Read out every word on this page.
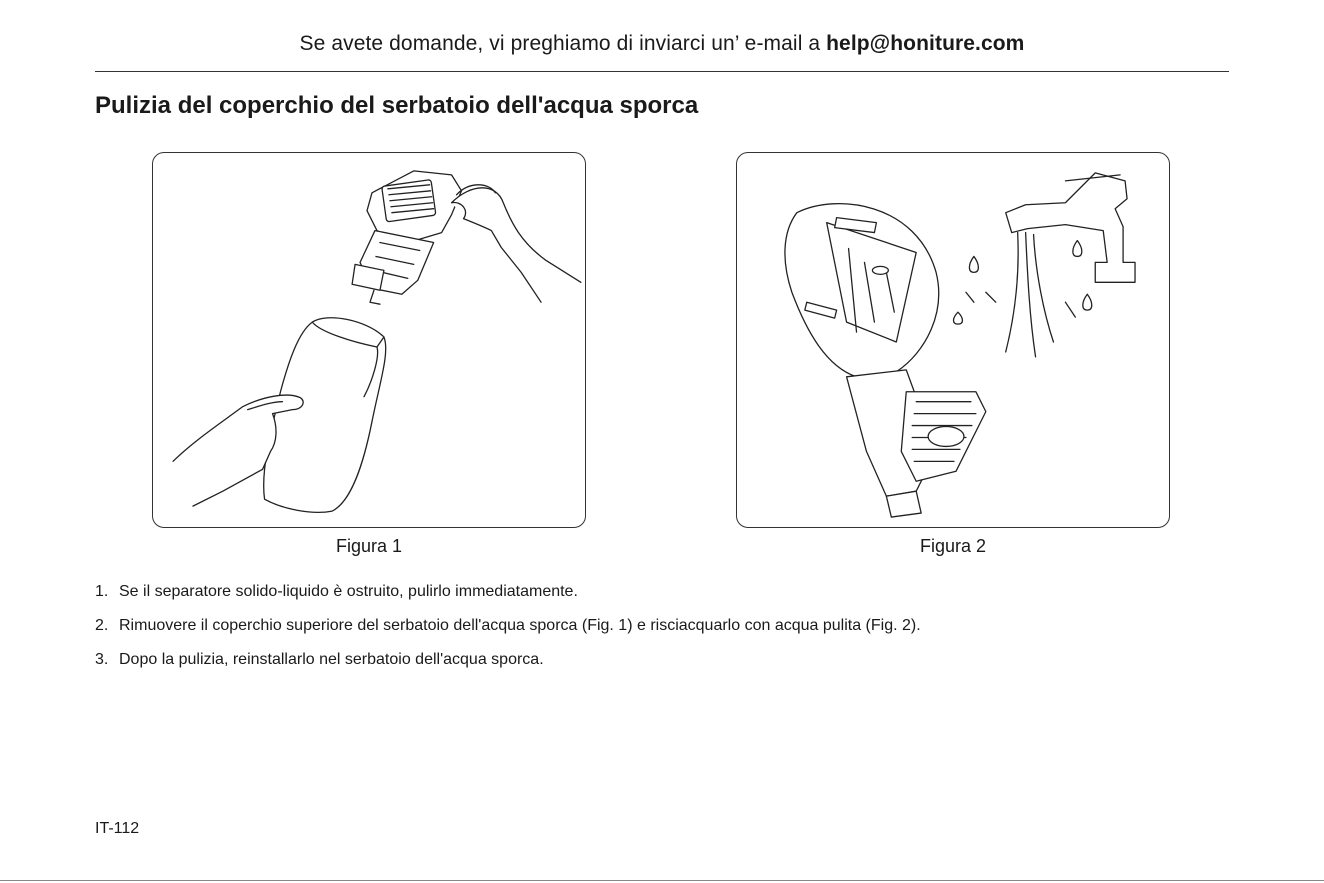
Se avete domande, vi preghiamo di inviarci un’ e-mail a help@honiture.com
Pulizia del coperchio del serbatoio dell'acqua sporca
Figura 1	Figura 2
1. Se il separatore solido-liquido è ostruito, pulirlo immediatamente.
2. Rimuovere il coperchio superiore del serbatoio dell'acqua sporca (Fig. 1) e risciacquarlo con acqua pulita (Fig. 2).
3. Dopo la pulizia, reinstallarlo nel serbatoio dell'acqua sporca.
IT-112
